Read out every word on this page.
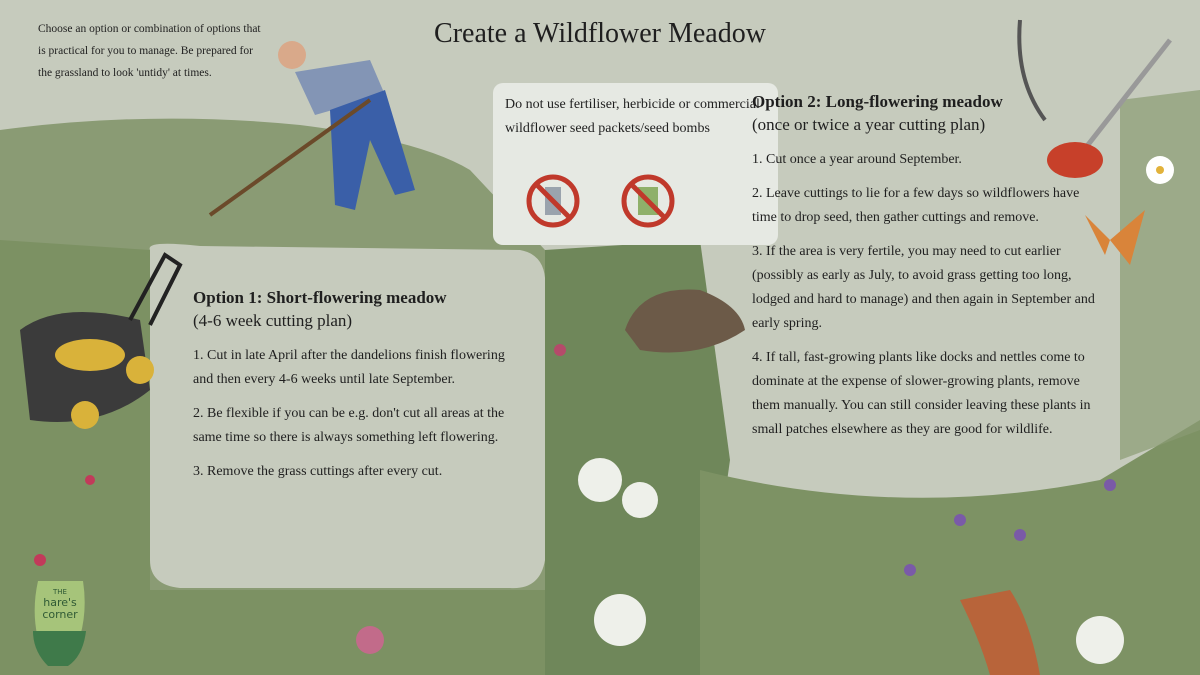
Create a Wildflower Meadow
Choose an option or combination of options that is practical for you to manage. Be prepared for the grassland to look 'untidy' at times.
Do not use fertiliser, herbicide or commercial wildflower seed packets/seed bombs
Option 1: Short-flowering meadow
(4-6 week cutting plan)

1. Cut in late April after the dandelions finish flowering and then every 4-6 weeks until late September.

2. Be flexible if you can be e.g. don't cut all areas at the same time so there is always something left flowering.

3. Remove the grass cuttings after every cut.

Option 2: Long-flowering meadow
(once or twice a year cutting plan)

1. Cut once a year around September.

2. Leave cuttings to lie for a few days so wildflowers have time to drop seed, then gather cuttings and remove.

3. If the area is very fertile, you may need to cut earlier (possibly as early as July, to avoid grass getting too long, lodged and hard to manage) and then again in September and early spring.

4. If tall, fast-growing plants like docks and nettles come to dominate at the expense of slower-growing plants, remove them manually. You can still consider leaving these plants in small patches elsewhere as they are good for wildlife.

THE
hare's
corner
